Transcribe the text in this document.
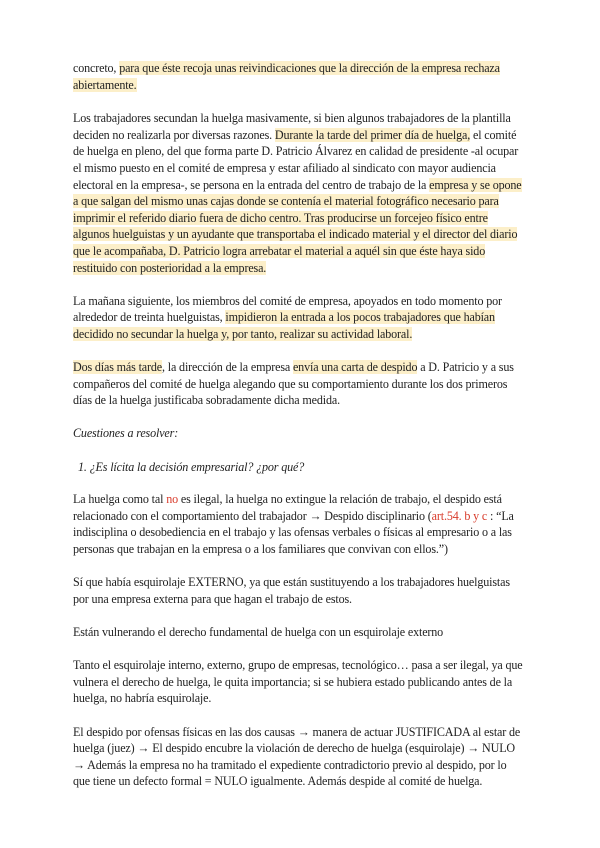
concreto, para que éste recoja unas reivindicaciones que la dirección de la empresa rechaza abiertamente.

Los trabajadores secundan la huelga masivamente, si bien algunos trabajadores de la plantilla deciden no realizarla por diversas razones. Durante la tarde del primer día de huelga, el comité de huelga en pleno, del que forma parte D. Patricio Álvarez en calidad de presidente -al ocupar el mismo puesto en el comité de empresa y estar afiliado al sindicato con mayor audiencia electoral en la empresa-, se persona en la entrada del centro de trabajo de la empresa y se opone a que salgan del mismo unas cajas donde se contenía el material fotográfico necesario para imprimir el referido diario fuera de dicho centro. Tras producirse un forcejeo físico entre algunos huelguistas y un ayudante que transportaba el indicado material y el director del diario que le acompañaba, D. Patricio logra arrebatar el material a aquél sin que éste haya sido restituido con posterioridad a la empresa.

La mañana siguiente, los miembros del comité de empresa, apoyados en todo momento por alrededor de treinta huelguistas, impidieron la entrada a los pocos trabajadores que habían decidido no secundar la huelga y, por tanto, realizar su actividad laboral.

Dos días más tarde, la dirección de la empresa envía una carta de despido a D. Patricio y a sus compañeros del comité de huelga alegando que su comportamiento durante los dos primeros días de la huelga justificaba sobradamente dicha medida.

Cuestiones a resolver:

1. ¿Es lícita la decisión empresarial? ¿por qué?

La huelga como tal no es ilegal, la huelga no extingue la relación de trabajo, el despido está relacionado con el comportamiento del trabajador → Despido disciplinario (art.54. b y c : “La indisciplina o desobediencia en el trabajo y las ofensas verbales o físicas al empresario o a las personas que trabajan en la empresa o a los familiares que convivan con ellos.”)

Sí que había esquirolaje EXTERNO, ya que están sustituyendo a los trabajadores huelguistas por una empresa externa para que hagan el trabajo de estos.

Están vulnerando el derecho fundamental de huelga con un esquirolaje externo

Tanto el esquirolaje interno, externo, grupo de empresas, tecnológico… pasa a ser ilegal, ya que vulnera el derecho de huelga, le quita importancia; si se hubiera estado publicando antes de la huelga, no habría esquirolaje.

El despido por ofensas físicas en las dos causas → manera de actuar JUSTIFICADA al estar de huelga (juez) → El despido encubre la violación de derecho de huelga (esquirolaje) → NULO → Además la empresa no ha tramitado el expediente contradictorio previo al despido, por lo que tiene un defecto formal = NULO igualmente. Además despide al comité de huelga.
